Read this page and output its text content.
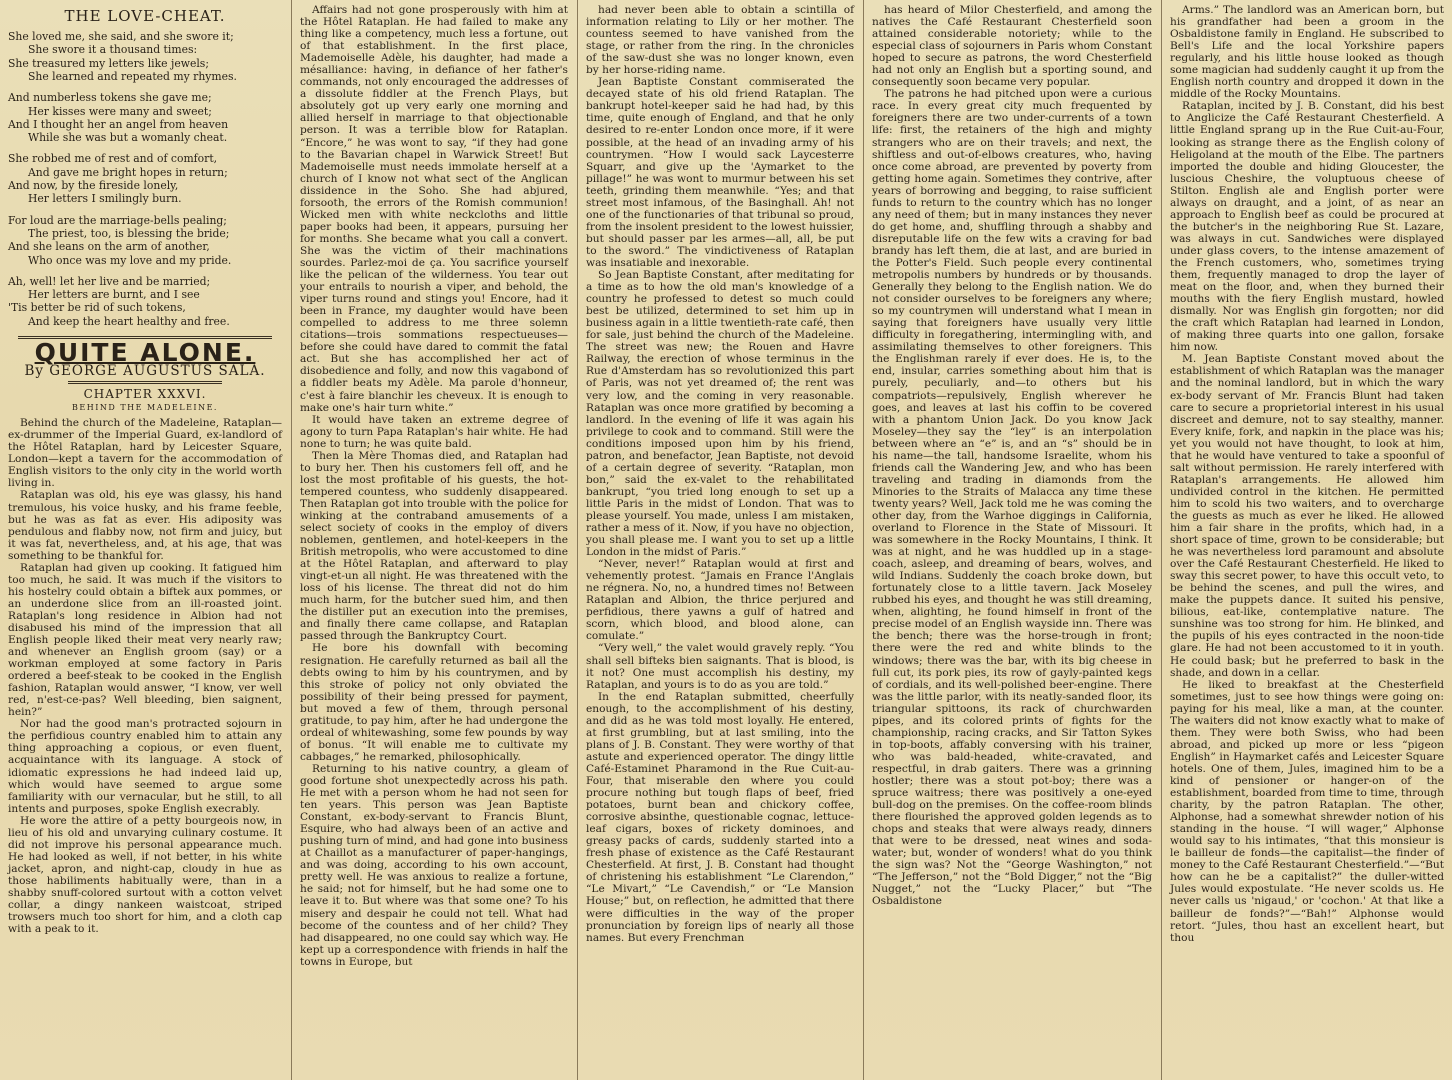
THE LOVE-CHEAT.
She loved me, she said, and she swore it;
She swore it a thousand times:
She treasured my letters like jewels;
She learned and repeated my rhymes.
And numberless tokens she gave me;
Her kisses were many and sweet;
And I thought her an angel from heaven
While she was but a womanly cheat.
She robbed me of rest and of comfort,
And gave me bright hopes in return;
And now, by the fireside lonely,
Her letters I smilingly burn.
For loud are the marriage-bells pealing;
The priest, too, is blessing the bride;
And she leans on the arm of another,
Who once was my love and my pride.
Ah, well! let her live and be married;
Her letters are burnt, and I see
'Tis better be rid of such tokens,
And keep the heart healthy and free.
QUITE ALONE.
By GEORGE AUGUSTUS SALA.
CHAPTER XXXVI.
BEHIND THE MADELEINE.

Behind the church of the Madeleine, Rataplan—ex-drummer of the Imperial Guard, ex-landlord of the Hôtel Rataplan, hard by Leicester Square, London—kept a tavern for the accommodation of English visitors to the only city in the world worth living in.

Rataplan was old, his eye was glassy, his hand tremulous, his voice husky, and his frame feeble, but he was as fat as ever. His adiposity was pendulous and flabby now, not firm and juicy, but it was fat, nevertheless, and, at his age, that was something to be thankful for.

Rataplan had given up cooking. It fatigued him too much, he said. It was much if the visitors to his hostelry could obtain a biftek aux pommes, or an underdone slice from an ill-roasted joint. Rataplan's long residence in Albion had not disabused his mind of the impression that all English people liked their meat very nearly raw; and whenever an English groom (say) or a workman employed at some factory in Paris ordered a beef-steak to be cooked in the English fashion, Rataplan would answer, “I know, ver well red, n'est-ce-pas? Well bleeding, bien saignent, hein?”

Nor had the good man's protracted sojourn in the perfidious country enabled him to attain any thing approaching a copious, or even fluent, acquaintance with its language. A stock of idiomatic expressions he had indeed laid up, which would have seemed to argue some familiarity with our vernacular, but he still, to all intents and purposes, spoke English execrably.

He wore the attire of a petty bourgeois now, in lieu of his old and unvarying culinary costume. It did not improve his personal appearance much. He had looked as well, if not better, in his white jacket, apron, and night-cap, cloudy in hue as those habiliments habitually were, than in a shabby snuff-colored surtout with a cotton velvet collar, a dingy nankeen waistcoat, striped trowsers much too short for him, and a cloth cap with a peak to it.

Affairs had not gone prosperously with him at the Hôtel Rataplan. He had failed to make any thing like a competency, much less a fortune, out of that establishment. In the first place, Mademoiselle Adèle, his daughter, had made a mésalliance: having, in defiance of her father's commands, not only encouraged the addresses of a dissolute fiddler at the French Plays, but absolutely got up very early one morning and allied herself in marriage to that objectionable person. It was a terrible blow for Rataplan. “Encore,” he was wont to say, “if they had gone to the Bavarian chapel in Warwick Street! But Mademoiselle must needs immolate herself at a church of I know not what sect of the Anglican dissidence in the Soho. She had abjured, forsooth, the errors of the Romish communion! Wicked men with white neckcloths and little paper books had been, it appears, pursuing her for months. She became what you call a convert. She was the victim of their machinations sourdes. Parlez-moi de ça. You sacrifice yourself like the pelican of the wilderness. You tear out your entrails to nourish a viper, and behold, the viper turns round and stings you! Encore, had it been in France, my daughter would have been compelled to address to me three solemn citations—trois sommations respectueuses—before she could have dared to commit the fatal act. But she has accomplished her act of disobedience and folly, and now this vagabond of a fiddler beats my Adèle. Ma parole d'honneur, c'est à faire blanchir les cheveux. It is enough to make one's hair turn white.”

It would have taken an extreme degree of agony to turn Papa Rataplan's hair white. He had none to turn; he was quite bald.

Then la Mère Thomas died, and Rataplan had to bury her. Then his customers fell off, and he lost the most profitable of his guests, the hot-tempered countess, who suddenly disappeared. Then Rataplan got into trouble with the police for winking at the contraband amusements of a select society of cooks in the employ of divers noblemen, gentlemen, and hotel-keepers in the British metropolis, who were accustomed to dine at the Hôtel Rataplan, and afterward to play vingt-et-un all night. He was threatened with the loss of his license. The threat did not do him much harm, for the butcher sued him, and then the distiller put an execution into the premises, and finally there came collapse, and Rataplan passed through the Bankruptcy Court.

He bore his downfall with becoming resignation. He carefully returned as bail all the debts owing to him by his countrymen, and by this stroke of policy not only obviated the possibility of their being pressed for payment, but moved a few of them, through personal gratitude, to pay him, after he had undergone the ordeal of whitewashing, some few pounds by way of bonus. “It will enable me to cultivate my cabbages,” he remarked, philosophically.

Returning to his native country, a gleam of good fortune shot unexpectedly across his path. He met with a person whom he had not seen for ten years. This person was Jean Baptiste Constant, ex-body-servant to Francis Blunt, Esquire, who had always been of an active and pushing turn of mind, and had gone into business at Chaillot as a manufacturer of paper-hangings, and was doing, according to his own account, pretty well. He was anxious to realize a fortune, he said; not for himself, but he had some one to leave it to. But where was that some one? To his misery and despair he could not tell. What had become of the countess and of her child? They had disappeared, no one could say which way. He kept up a correspondence with friends in half the towns in Europe, but

had never been able to obtain a scintilla of information relating to Lily or her mother. The countess seemed to have vanished from the stage, or rather from the ring. In the chronicles of the saw-dust she was no longer known, even by her horse-riding name.

Jean Baptiste Constant commiserated the decayed state of his old friend Rataplan. The bankrupt hotel-keeper said he had had, by this time, quite enough of England, and that he only desired to re-enter London once more, if it were possible, at the head of an invading army of his countrymen. “How I would sack Laycesterre Squarr, and give up the 'Aymarket to the pillage!” he was wont to murmur between his set teeth, grinding them meanwhile. “Yes; and that street most infamous, of the Basinghall. Ah! not one of the functionaries of that tribunal so proud, from the insolent president to the lowest huissier, but should passer par les armes—all, all, be put to the sword.” The vindictiveness of Rataplan was insatiable and inexorable.

So Jean Baptiste Constant, after meditating for a time as to how the old man's knowledge of a country he professed to detest so much could best be utilized, determined to set him up in business again in a little twentieth-rate café, then for sale, just behind the church of the Madeleine. The street was new; the Rouen and Havre Railway, the erection of whose terminus in the Rue d'Amsterdam has so revolutionized this part of Paris, was not yet dreamed of; the rent was very low, and the coming in very reasonable. Rataplan was once more gratified by becoming a landlord. In the evening of life it was again his privilege to cook and to command. Still were the conditions imposed upon him by his friend, patron, and benefactor, Jean Baptiste, not devoid of a certain degree of severity. “Rataplan, mon bon,” said the ex-valet to the rehabilitated bankrupt, “you tried long enough to set up a little Paris in the midst of London. That was to please yourself. You made, unless I am mistaken, rather a mess of it. Now, if you have no objection, you shall please me. I want you to set up a little London in the midst of Paris.”

“Never, never!” Rataplan would at first and vehemently protest. “Jamais en France l'Anglais ne régnera. No, no, a hundred times no! Between Rataplan and Albion, the thrice perjured and perfidious, there yawns a gulf of hatred and scorn, which blood, and blood alone, can comulate.”

“Very well,” the valet would gravely reply. “You shall sell bifteks bien saignants. That is blood, is it not? One must accomplish his destiny, my Rataplan, and yours is to do as you are told.”

In the end Rataplan submitted, cheerfully enough, to the accomplishment of his destiny, and did as he was told most loyally. He entered, at first grumbling, but at last smiling, into the plans of J. B. Constant. They were worthy of that astute and experienced operator. The dingy little Café-Estaminet Pharamond in the Rue Cuit-au-Four, that miserable den where you could procure nothing but tough flaps of beef, fried potatoes, burnt bean and chickory coffee, corrosive absinthe, questionable cognac, lettuce-leaf cigars, boxes of rickety dominoes, and greasy packs of cards, suddenly started into a fresh phase of existence as the Café Restaurant Chesterfield. At first, J. B. Constant had thought of christening his establishment “Le Clarendon,” “Le Mivart,” “Le Cavendish,” or “Le Mansion House;” but, on reflection, he admitted that there were difficulties in the way of the proper pronunciation by foreign lips of nearly all those names. But every Frenchman

has heard of Milor Chesterfield, and among the natives the Café Restaurant Chesterfield soon attained considerable notoriety; while to the especial class of sojourners in Paris whom Constant hoped to secure as patrons, the word Chesterfield had not only an English but a sporting sound, and consequently soon became very popular.

The patrons he had pitched upon were a curious race. In every great city much frequented by foreigners there are two under-currents of a town life: first, the retainers of the high and mighty strangers who are on their travels; and next, the shiftless and out-of-elbows creatures, who, having once come abroad, are prevented by poverty from getting home again. Sometimes they contrive, after years of borrowing and begging, to raise sufficient funds to return to the country which has no longer any need of them; but in many instances they never do get home, and, shuffling through a shabby and disreputable life on the few wits a craving for bad brandy has left them, die at last, and are buried in the Potter's Field. Such people every continental metropolis numbers by hundreds or by thousands. Generally they belong to the English nation. We do not consider ourselves to be foreigners any where; so my countrymen will understand what I mean in saying that foreigners have usually very little difficulty in foregathering, intermingling with, and assimilating themselves to other foreigners. This the Englishman rarely if ever does. He is, to the end, insular, carries something about him that is purely, peculiarly, and—to others but his compatriots—repulsively, English wherever he goes, and leaves at last his coffin to be covered with a phantom Union Jack. Do you know Jack Moseley—they say the “ley” is an interpolation between where an “e” is, and an “s” should be in his name—the tall, handsome Israelite, whom his friends call the Wandering Jew, and who has been traveling and trading in diamonds from the Minories to the Straits of Malacca any time these twenty years? Well, Jack told me he was coming the other day, from the Warhoe diggings in California, overland to Florence in the State of Missouri. It was somewhere in the Rocky Mountains, I think. It was at night, and he was huddled up in a stage-coach, asleep, and dreaming of bears, wolves, and wild Indians. Suddenly the coach broke down, but fortunately close to a little tavern. Jack Moseley rubbed his eyes, and thought he was still dreaming, when, alighting, he found himself in front of the precise model of an English wayside inn. There was the bench; there was the horse-trough in front; there were the red and white blinds to the windows; there was the bar, with its big cheese in full cut, its pork pies, its row of gayly-painted kegs of cordials, and its well-polished beer-engine. There was the little parlor, with its neatly-sanded floor, its triangular spittoons, its rack of churchwarden pipes, and its colored prints of fights for the championship, racing cracks, and Sir Tatton Sykes in top-boots, affably conversing with his trainer, who was bald-headed, white-cravated, and respectful, in drab gaiters. There was a grinning hostler; there was a stout pot-boy; there was a spruce waitress; there was positively a one-eyed bull-dog on the premises. On the coffee-room blinds there flourished the approved golden legends as to chops and steaks that were always ready, dinners that were to be dressed, neat wines and soda-water; but, wonder of wonders! what do you think the sign was? Not the “George Washington,” not “The Jefferson,” not the “Bold Digger,” not the “Big Nugget,” not the “Lucky Placer,” but “The Osbaldistone

Arms.” The landlord was an American born, but his grandfather had been a groom in the Osbaldistone family in England. He subscribed to Bell's Life and the local Yorkshire papers regularly, and his little house looked as though some magician had suddenly caught it up from the English north country and dropped it down in the middle of the Rocky Mountains.

Rataplan, incited by J. B. Constant, did his best to Anglicize the Café Restaurant Chesterfield. A little England sprang up in the Rue Cuit-au-Four, looking as strange there as the English colony of Heligoland at the mouth of the Elbe. The partners imported the double and hiding Gloucester, the luscious Cheshire, the voluptuous cheese of Stilton. English ale and English porter were always on draught, and a joint, of as near an approach to English beef as could be procured at the butcher's in the neighboring Rue St. Lazare, was always in cut. Sandwiches were displayed under glass covers, to the intense amazement of the French customers, who, sometimes trying them, frequently managed to drop the layer of meat on the floor, and, when they burned their mouths with the fiery English mustard, howled dismally. Nor was English gin forgotten; nor did the craft which Rataplan had learned in London, of making three quarts into one gallon, forsake him now.

M. Jean Baptiste Constant moved about the establishment of which Rataplan was the manager and the nominal landlord, but in which the wary ex-body servant of Mr. Francis Blunt had taken care to secure a proprietorial interest in his usual discreet and demure, not to say stealthy, manner. Every knife, fork, and napkin in the place was his; yet you would not have thought, to look at him, that he would have ventured to take a spoonful of salt without permission. He rarely interfered with Rataplan's arrangements. He allowed him undivided control in the kitchen. He permitted him to scold his two waiters, and to overcharge the guests as much as ever he liked. He allowed him a fair share in the profits, which had, in a short space of time, grown to be considerable; but he was nevertheless lord paramount and absolute over the Café Restaurant Chesterfield. He liked to sway this secret power, to have this occult veto, to be behind the scenes, and pull the wires, and make the puppets dance. It suited his pensive, bilious, eat-like, contemplative nature. The sunshine was too strong for him. He blinked, and the pupils of his eyes contracted in the noon-tide glare. He had not been accustomed to it in youth. He could bask; but he preferred to bask in the shade, and down in a cellar.

He liked to breakfast at the Chesterfield sometimes, just to see how things were going on: paying for his meal, like a man, at the counter. The waiters did not know exactly what to make of them. They were both Swiss, who had been abroad, and picked up more or less “pigeon English” in Haymarket cafés and Leicester Square hotels. One of them, Jules, imagined him to be a kind of pensioner or hanger-on of the establishment, boarded from time to time, through charity, by the patron Rataplan. The other, Alphonse, had a somewhat shrewder notion of his standing in the house. “I will wager,” Alphonse would say to his intimates, “that this monsieur is le bailleur de fonds—the capitalist—the finder of money to the Café Restaurant Chesterfield.”—“But how can he be a capitalist?” the duller-witted Jules would expostulate. “He never scolds us. He never calls us 'nigaud,' or 'cochon.' At that like a bailleur de fonds?”—“Bah!” Alphonse would retort. “Jules, thou hast an excellent heart, but thou
